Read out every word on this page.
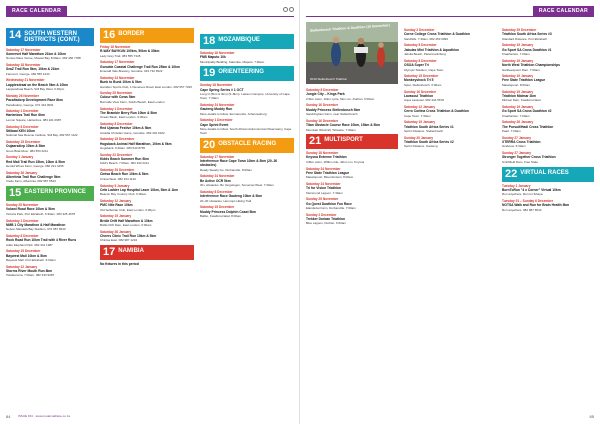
RACE CALENDAR
14 SOUTH WESTERN DISTRICTS (CONT.)
Saturday 17 November
Somerset Half Marathon 21km & 10km
Nurses Race Venue, Mossel Bay 8:00am. 082 456 7788
Saturday 18 November
SeaZ Trail Run 5km, 10km & 21km
Fancourt, George. 082 555 1234
Wednesday 21 November
Lappiesdraai on the Beach 5km & 10km
Lappiesdraai Beach, Still Bay West. 6:30pm
Monday 26 November
Pacaltsdorp Development Race 8km
Pacaltsdorp, George. 072 444 0091
Saturday 1 December
Hartenbos Trail Run 6km
Lemon Square, Hartenbos. 083 221 0987
Saturday 8 December
Stilbaai KEN 10km
National Sea Rescue Institute, Still Bay. 082 567 1122
Saturday 15 December
Oujaarsdiep 10km & 5km
Groot Brak River. 084 553 2211
Sunday 1 January
Red Mali Trail Run 15km, 10km & 5km
Herold Wines Farm, George. 082 221 4455
Saturday 26 January
Albertinia Trail Run Challenge 5km
Vrede Farm, Albertinia. 082 987 6543
15 EASTERN PROVINCE
Sunday 25 November
Vukani Road Race 10km & 5km
Victoria Park, Port Elizabeth. 6:30am. 083 325 4678
Saturday 1 December
NMB 1 City Marathon & Half Marathon
Nelson Mandela Bay Stadium. 072 987 6543
Saturday 8 December
Rock Road Run 10km Trail with 4 River Runs
Addo Elephant Park. 082 341 1987
Saturday 15 December
Baywest Mall 10km & 5km
Baywest Mall, Port Elizabeth. 6:00am
Saturday 12 January
Storms River Mouth Run 8km
Tsitsikamma, 7:00am. 082 333 9087
16 BORDER
Friday 16 November
R-WAY BAYKUN 100km, 50km & 30km
Lady Grey Trail. 083 555 7345
Saturday 17 November
Gonubie Coastal Challenge Trail Run 25km & 10km
Emerald Vale Brewery, Gonubie. 043 732 6522
Saturday 24 November
Bunk to Bunk 10km & 5km
Hamilton Sports Club, 1 Devereux Road, East London. 082 557 7345
Sunday 25 November
Colour with Cows 5km
Burnside View Farm, Kidd's Beach, East London
Saturday 1 December
The Bramble Berry Run 10km & 5km
Ocean Basin, East London. 6:30am
Saturday 8 December
Red Ujamaa Festive 10km & 5km
Arcadia Christian Home, Gonubie. 082 334 9102
Saturday 15 December
Hogsback Animal Half Marathon, 10km & 5km
Hogsback. 6:30am. 083 543 8765
Sunday 23 December
Kidds Beach Summer Run 5km
Kidd's Beach, 7:00am. 084 333 2211
Saturday 29 December
Cintsa Beach Run 10km & 5km
Cintsa West. 082 334 1122
Saturday 5 January
Cefa Ladder Lap Hospital Laser 10km, 5km & 1km
Beacon Bay Country Club. 6:00am
Saturday 12 January
PMC Nite Race 10km
Old Selborian Club, East London. 6:00pm
Saturday 19 January
Bridle Drift Half Marathon & 10km
Bridle Drift Dam, East London. 6:00am
Saturday 26 January
Cheers Clinic Trail Run 10km & 5km
Chintsa East. 082 987 1234
17 NAMIBIA
No fixtures in this period
18 MOZAMBIQUE
Saturday 18 November
FNB Maputo 10k
Municipality Building, Katembe, Maputo. 7:30am
19 ORIENTEERING
Sunday 18 November
Cape Spring Series # 1 OCT
Long O (5km & 3km) (5–8km). Lawson Campus, University of Cape Town. 7:30am
Saturday 24 November
Gauteng Muddy Run
More details to follow. Emmarentia, Johannesburg
Saturday 1 December
Cape Sprint Event
More details to follow. South African Astronomical Observatory, Cape Town
20 OBSTACLE RACING
Saturday 17 November
Interference Race Cape Town 10km & 5km (20–30 obstacles)
Ready Steady Go, Durbanville. 8:00am
Saturday 24 November
Be Active OCR 5km
30+ obstacles. Bo Vergelegen, Somerset West. 7:30am
Saturday 8 December
Interference Race Gauteng 10km & 5km
20–30 obstacles. Hennops Hiking Trail
Saturday 15 December
Muddy Princess Dolphin Coast 5km
Ballito, KwaZulu-Natal. 8:00am
84	ISSUE 154 · www.modernathlete.co.za
RACE CALENDAR
Stellenbosch Triathlon & Duathlon (10 November)
2019 Stellenbosch Triathlon
Saturday 8 December
Jungle City – Kings Park
2.5km swim, 10km cycle, 5km run. Durban. 6:00am
Sunday 16 December
Muddy Princess Stellenbosch 5km
Sandringham Farm, near Stellenbosch
Sunday 16 December
Titan Obstacle Course Race 10km, 15km & 5km
Mountain Windmill, Tshwane. 7:00am
21 MULTISPORT
Sunday 18 November
Knysna Extreme Triathlon
3.8km swim, 180km ride, 42km run. Knysna
Saturday 24 November
Free State Triathlon League
Maselspoort, Bloemfontein. 8:00am
Saturday 24 November
Tri for Vision Triathlon
Kleinmond Lagoon. 7:30am
Sunday 25 November
Go Quest Duathlon Fun Race
Elandsvlei Farm, Durbanville. 7:00am
Sunday 2 December
Trekker Durban Triathlon
Blue Lagoon, Durban. 6:00am
Sunday 2 December
Corne College Cross Triathlon & Duathlon
Sandhills. 7:30am. 082 453 6099
Saturday 8 December
Jabulas Mini Triathlon & Aquathlon
Jabula Beach, Pietermaritzburg
Saturday 8 December
OSOA Super Tri
Olympic Stadium, Cape Town
Saturday 15 December
Monkeyshock Tri 5
Spier, Stellenbosch. 6:00am
Sunday 16 December
Lavasoul Triathlon
Aqua Lavasoul. 082 444 5678
Saturday 12 January
Cerro Cortina Cross Triathlon & Duathlon
Cape Town. 7:30am
Saturday 19 January
Triathlon South Africa Series #1
Sprint Distance. Stellenbosch
Sunday 20 January
Triathlon South Africa Series #2
Sprint Distance. Gauteng
Saturday 29 December
Triathlon South Africa Series #3
Standard Distance. Port Elizabeth
Saturday 19 January
Go Sport SA Cross Duathlon #1
Kraaifontein. 7:00am
Saturday 19 January
North West Triathlon Championships
Hartbeespoort Dam. 7:00am
Saturday 19 January
Free State Triathlon League
Maselspoort. 8:00am
Saturday 19 January
Triathlon Midmar 2km
Midmar Dam, KwaZulu-Natal
Saturday 19 January
Go Sport SA Cross Duathlon #2
Kraaifontein. 7:00am
Saturday 26 January
The Pursuit/Hadi Cross Triathlon
Paarl. 7:00am
Sunday 27 January
XTERRA Cross Triathlon
Grabouw. 6:30am
Sunday 27 January
Stronger Together Cross Triathlon
Smithfield Dam, Free State
22 VIRTUAL RACES
Tuesday 1 January
BornToRun "4 x Corner" Virtual 10km
Run anywhere. Run for Ikhaya
Tuesday 01 – Sunday 6 December
NOTSA Walk and Run for Brain Health 5km
Run anywhere. 082 987 6543
85
